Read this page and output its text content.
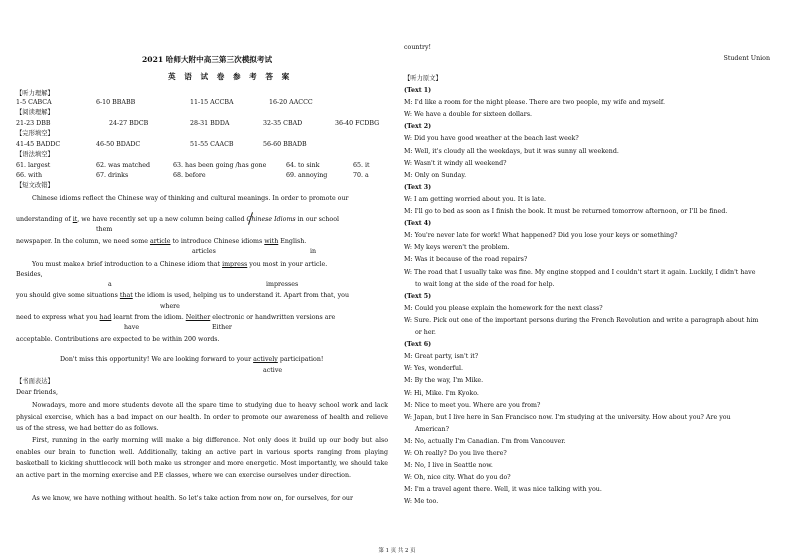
2021 哈师大附中高三第三次模拟考试
英 语 试 卷 参 考 答 案
【听力理解】
1-5 CABCA	6-10 BBABB	11-15 ACCBA	16-20 AACCC
【阅读理解】
21-23 DBB	24-27 BDCB	28-31 BDDA	32-35 CBAD	36-40 FCDBG
【完形填空】
41-45 BADDC	46-50 BDADC	51-55 CAACB	56-60 BBADB
【语法填空】
61. largest	62. was matched	63. has been going /has gone	64. to sink	65. it
66. with	67. drinks	68. before	69. annoying	70. a
【短文改错】
Chinese idioms reflect the Chinese way of thinking and cultural meanings. In order to promote our
understanding of it, we have recently set up a new column being called Chinese Idioms in our school
them
newspaper. In the column, we need some article to introduce Chinese idioms with English.
articles	in
You must make∧ brief introduction to a Chinese idiom that impress you most in your article.
Besides,
a	impresses
you should give some situations that the idiom is used, helping us to understand it. Apart from that, you
where
need to express what you had learnt from the idiom. Neither electronic or handwritten versions are
have	Either
acceptable. Contributions are expected to be within 200 words.
Don't miss this opportunity! We are looking forward to your actively participation!
active
【书面表达】
Dear friends,
Nowadays, more and more students devote all the spare time to studying due to heavy school work and lack physical exercise, which has a bad impact on our health. In order to promote our awareness of health and relieve us of the stress, we had better do as follows.
First, running in the early morning will make a big difference. Not only does it build up our body but also enables our brain to function well. Additionally, taking an active part in various sports ranging from playing basketball to kicking shuttlecock will both make us stronger and more energetic. Most importantly, we should take an active part in the morning exercise and P.E classes, where we can exercise ourselves under direction.
As we know, we have nothing without health. So let's take action from now on, for ourselves, for our
country!
Student Union
【听力原文】
(Text 1)
M: I'd like a room for the night please. There are two people, my wife and myself.
W: We have a double for sixteen dollars.
(Text 2)
W: Did you have good weather at the beach last week?
M: Well, it's cloudy all the weekdays, but it was sunny all weekend.
W: Wasn't it windy all weekend?
M: Only on Sunday.
(Text 3)
W: I am getting worried about you. It is late.
M: I'll go to bed as soon as I finish the book. It must be returned tomorrow afternoon, or I'll be fined.
(Text 4)
M: You're never late for work! What happened? Did you lose your keys or something?
W: My keys weren't the problem.
M: Was it because of the road repairs?
W: The road that I usually take was fine. My engine stopped and I couldn't start it again. Luckily, I didn't have
to wait long at the side of the road for help.
(Text 5)
M: Could you please explain the homework for the next class?
W: Sure. Pick out one of the important persons during the French Revolution and write a paragraph about him
or her.
(Text 6)
M: Great party, isn't it?
W: Yes, wonderful.
M: By the way, I'm Mike.
W: Hi, Mike. I'm Kyoko.
M: Nice to meet you. Where are you from?
W: Japan, but I live here in San Francisco now. I'm studying at the university. How about you? Are you
American?
M: No, actually I'm Canadian. I'm from Vancouver.
W: Oh really? Do you live there?
M: No, I live in Seattle now.
W: Oh, nice city. What do you do?
M: I'm a travel agent there. Well, it was nice talking with you.
W: Me too.
第 1 页 共 2 页
